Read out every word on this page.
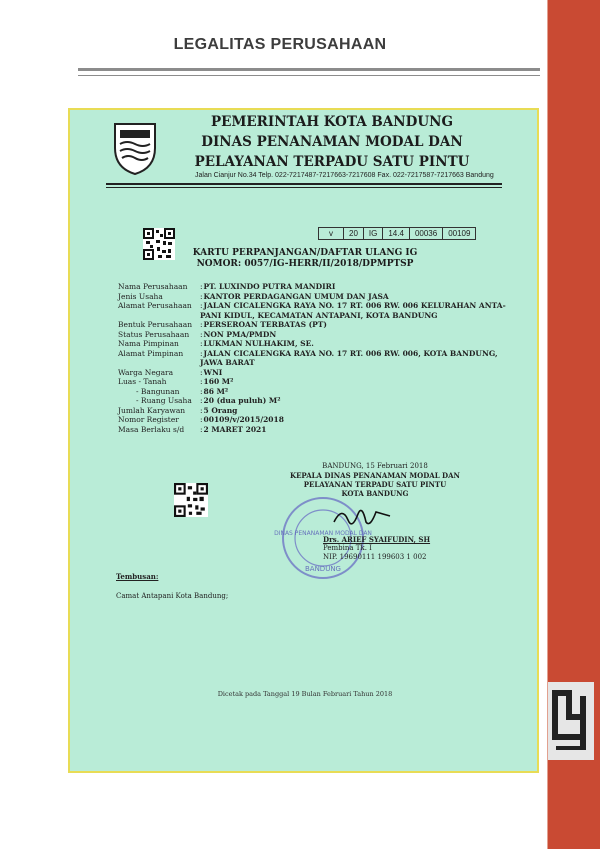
LEGALITAS PERUSAHAAN
PEMERINTAH KOTA BANDUNG
DINAS PENANAMAN MODAL DAN
PELAYANAN TERPADU SATU PINTU
Jalan Cianjur No.34 Telp. 022-7217487-7217663-7217608 Fax. 022-7217587-7217663 Bandung
v	20	IG	14.4	00036	00109
KARTU PERPANJANGAN/DAFTAR ULANG IG
NOMOR: 0057/IG-HERR/II/2018/DPMPTSP
Nama Perusahaan	: PT. LUXINDO PUTRA MANDIRI
Jenis Usaha	: KANTOR PERDAGANGAN UMUM DAN JASA
Alamat Perusahaan	: JALAN CICALENGKA RAYA NO. 17 RT. 006 RW. 006 KELURAHAN ANTA- PANI KIDUL, KECAMATAN ANTAPANI, KOTA BANDUNG
Bentuk Perusahaan	: PERSEROAN TERBATAS (PT)
Status Perusahaan	: NON PMA/PMDN
Nama Pimpinan	: LUKMAN NULHAKIM, SE.
Alamat Pimpinan	: JALAN CICALENGKA RAYA NO. 17 RT. 006 RW. 006, KOTA BANDUNG, JAWA BARAT
Warga Negara	: WNI
Luas - Tanah	: 160 M²
- Bangunan	: 86 M²
- Ruang Usaha	: 20 (dua puluh) M²
Jumlah Karyawan	: 5 Orang
Nomor Register	: 00109/v/2015/2018
Masa Berlaku s/d	: 2 MARET 2021
BANDUNG, 15 Februari 2018
KEPALA DINAS PENANAMAN MODAL DAN
PELAYANAN TERPADU SATU PINTU
KOTA BANDUNG
DINAS PENANAMAN MODAL DAN
BANDUNG
Drs. ARIEF SYAIFUDIN, SH
Pembina Tk. I
NIP. 19690111 199603 1 002
Tembusan:
Camat Antapani Kota Bandung;
Dicetak pada Tanggal 19 Bulan Februari Tahun 2018
